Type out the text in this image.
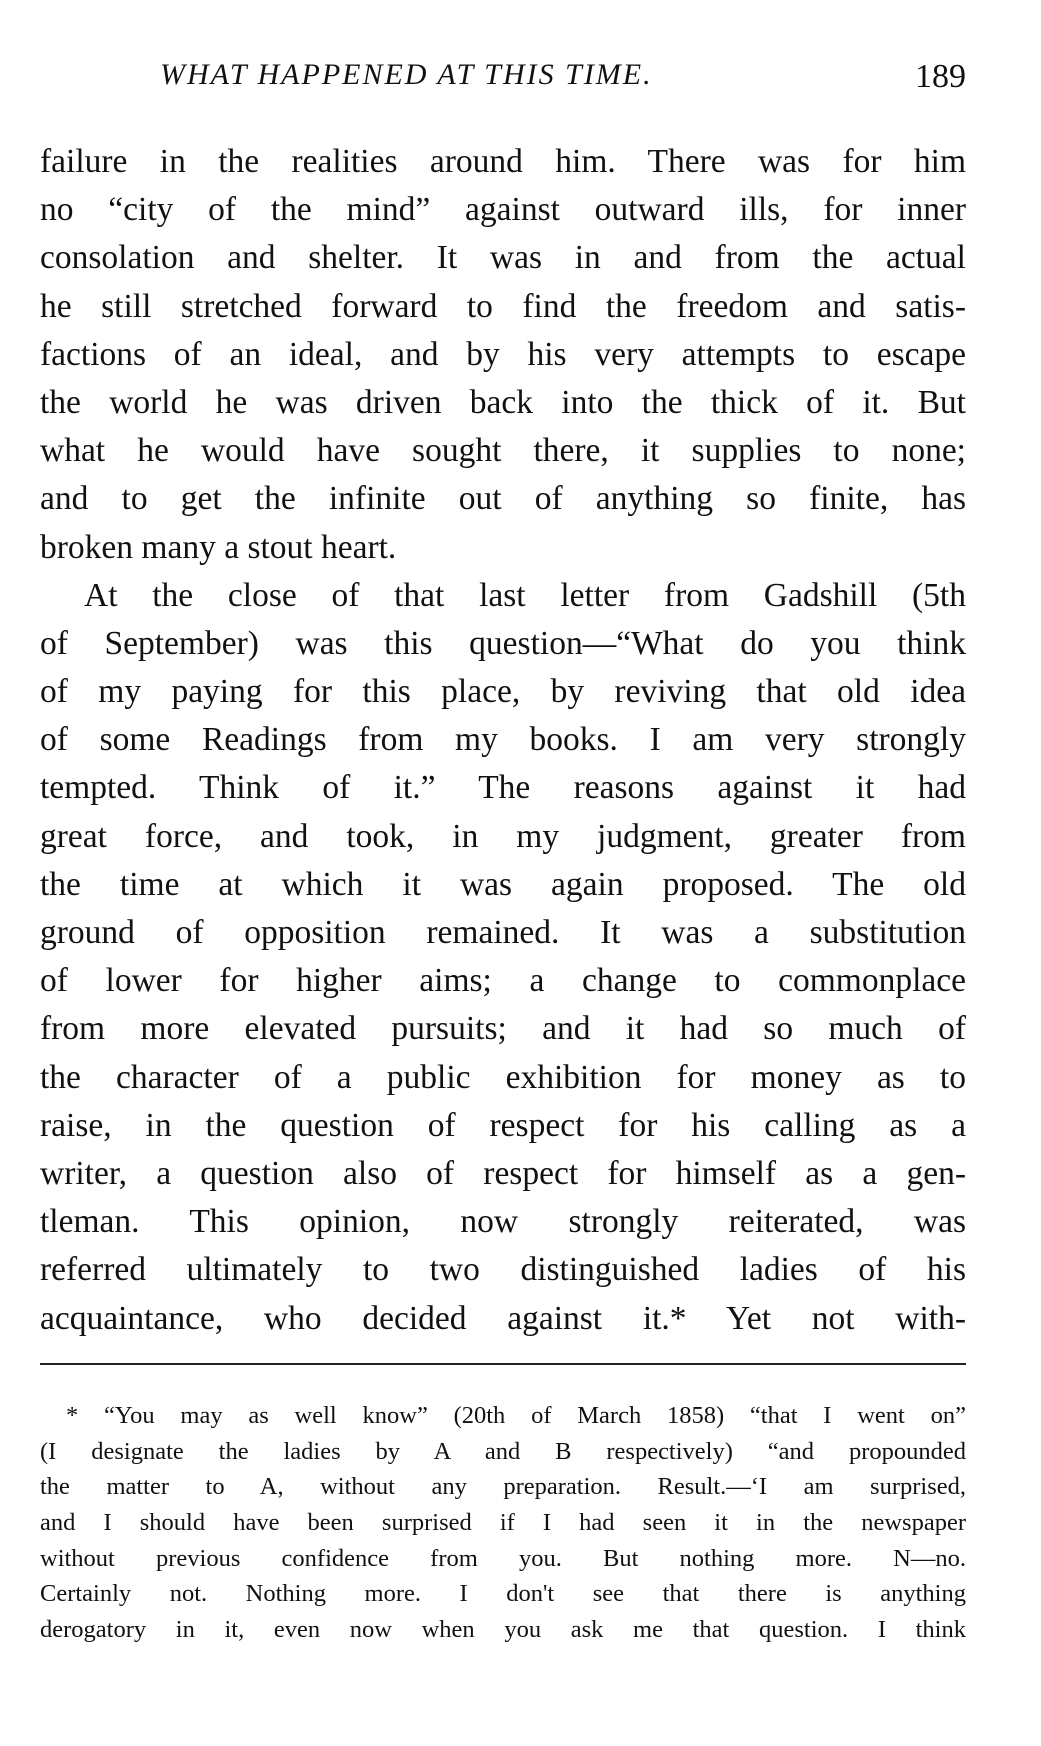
WHAT HAPPENED AT THIS TIME.	189
failure in the realities around him. There was for him
no “city of the mind” against outward ills, for inner
consolation and shelter. It was in and from the actual
he still stretched forward to find the freedom and satis-
factions of an ideal, and by his very attempts to escape
the world he was driven back into the thick of it. But
what he would have sought there, it supplies to none;
and to get the infinite out of anything so finite, has
broken many a stout heart.
At the close of that last letter from Gadshill (5th
of September) was this question—“What do you think
of my paying for this place, by reviving that old idea
of some Readings from my books. I am very strongly
tempted. Think of it.” The reasons against it had
great force, and took, in my judgment, greater from
the time at which it was again proposed. The old
ground of opposition remained. It was a substitution
of lower for higher aims; a change to commonplace
from more elevated pursuits; and it had so much of
the character of a public exhibition for money as to
raise, in the question of respect for his calling as a
writer, a question also of respect for himself as a gen-
tleman. This opinion, now strongly reiterated, was
referred ultimately to two distinguished ladies of his
acquaintance, who decided against it.* Yet not with-
* “You may as well know” (20th of March 1858) “that I went on”
(I designate the ladies by A and B respectively) “and propounded
the matter to A, without any preparation. Result.—‘I am surprised,
and I should have been surprised if I had seen it in the newspaper
without previous confidence from you. But nothing more. N—no.
Certainly not. Nothing more. I don't see that there is anything
derogatory in it, even now when you ask me that question. I think
